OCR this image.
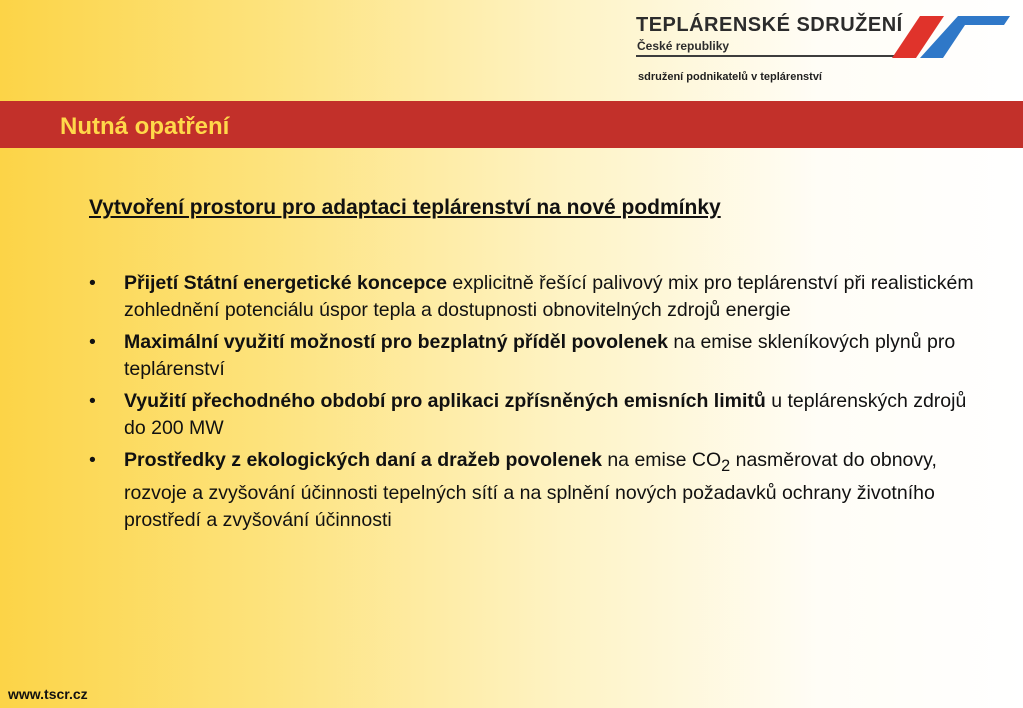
TEPLÁRENSKÉ SDRUŽENÍ
České republiky
sdružení podnikatelů v teplárenství
Nutná opatření
Vytvoření prostoru pro adaptaci teplárenství na nové podmínky
• Přijetí Státní energetické koncepce explicitně řešící palivový mix pro teplárenství při realistickém zohlednění potenciálu úspor tepla a dostupnosti obnovitelných zdrojů energie
• Maximální využití možností pro bezplatný příděl povolenek na emise skleníkových plynů pro teplárenství
• Využití přechodného období pro aplikaci zpřísněných emisních limitů u teplárenských zdrojů do 200 MW
• Prostředky z ekologických daní a dražeb povolenek na emise $CO_2$ nasměrovat do obnovy, rozvoje a zvyšování účinnosti tepelných sítí a na splnění nových požadavků ochrany životního prostředí a zvyšování účinnosti
www.tscr.cz
